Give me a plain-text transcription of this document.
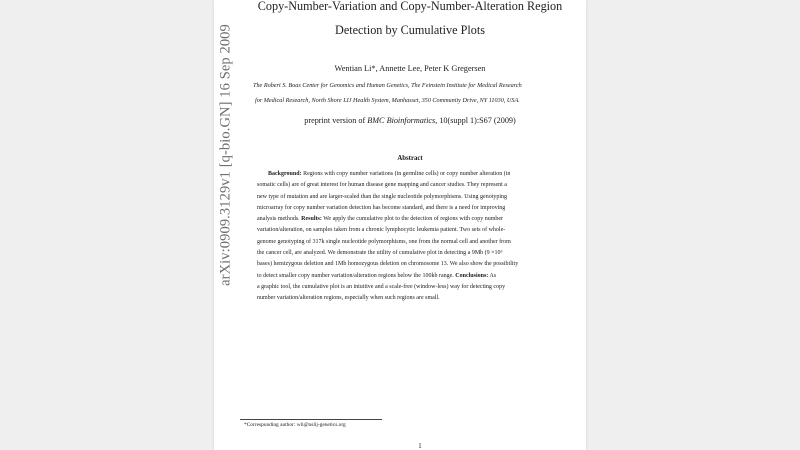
arXiv:0909.3129v1 [q-bio.GN] 16 Sep 2009
Copy-Number-Variation and Copy-Number-Alteration Region
Detection by Cumulative Plots
Wentian Li*, Annette Lee, Peter K Gregersen
The Robert S. Boas Center for Genomics and Human Genetics, The Feinstein Institute for Medical Research
for Medical Research, North Shore LIJ Health System, Manhasset, 350 Community Drive, NY 11030, USA.
preprint version of BMC Bioinformatics, 10(suppl 1):S67 (2009)
Abstract
Background: Regions with copy number variations (in germline cells) or copy number alteration (in
somatic cells) are of great interest for human disease gene mapping and cancer studies. They represent a
new type of mutation and are larger-scaled than the single nucleotide polymorphisms. Using genotyping
microarray for copy number variation detection has become standard, and there is a need for improving
analysis methods. Results: We apply the cumulative plot to the detection of regions with copy number
variation/alteration, on samples taken from a chronic lymphocytic leukemia patient. Two sets of whole-
genome genotyping of 317k single nucleotide polymorphisms, one from the normal cell and another from
the cancer cell, are analyzed. We demonstrate the utility of cumulative plot in detecting a 9Mb (9 ×10⁶
bases) hemizygous deletion and 1Mb homozygous deletion on chromosome 13. We also show the possibility
to detect smaller copy number variation/alteration regions below the 100kb range. Conclusions: As
a graphic tool, the cumulative plot is an intuitive and a scale-free (window-less) way for detecting copy
number variation/alteration regions, especially when such regions are small.
*Corresponding author: wli@nslij-genetics.org
1
